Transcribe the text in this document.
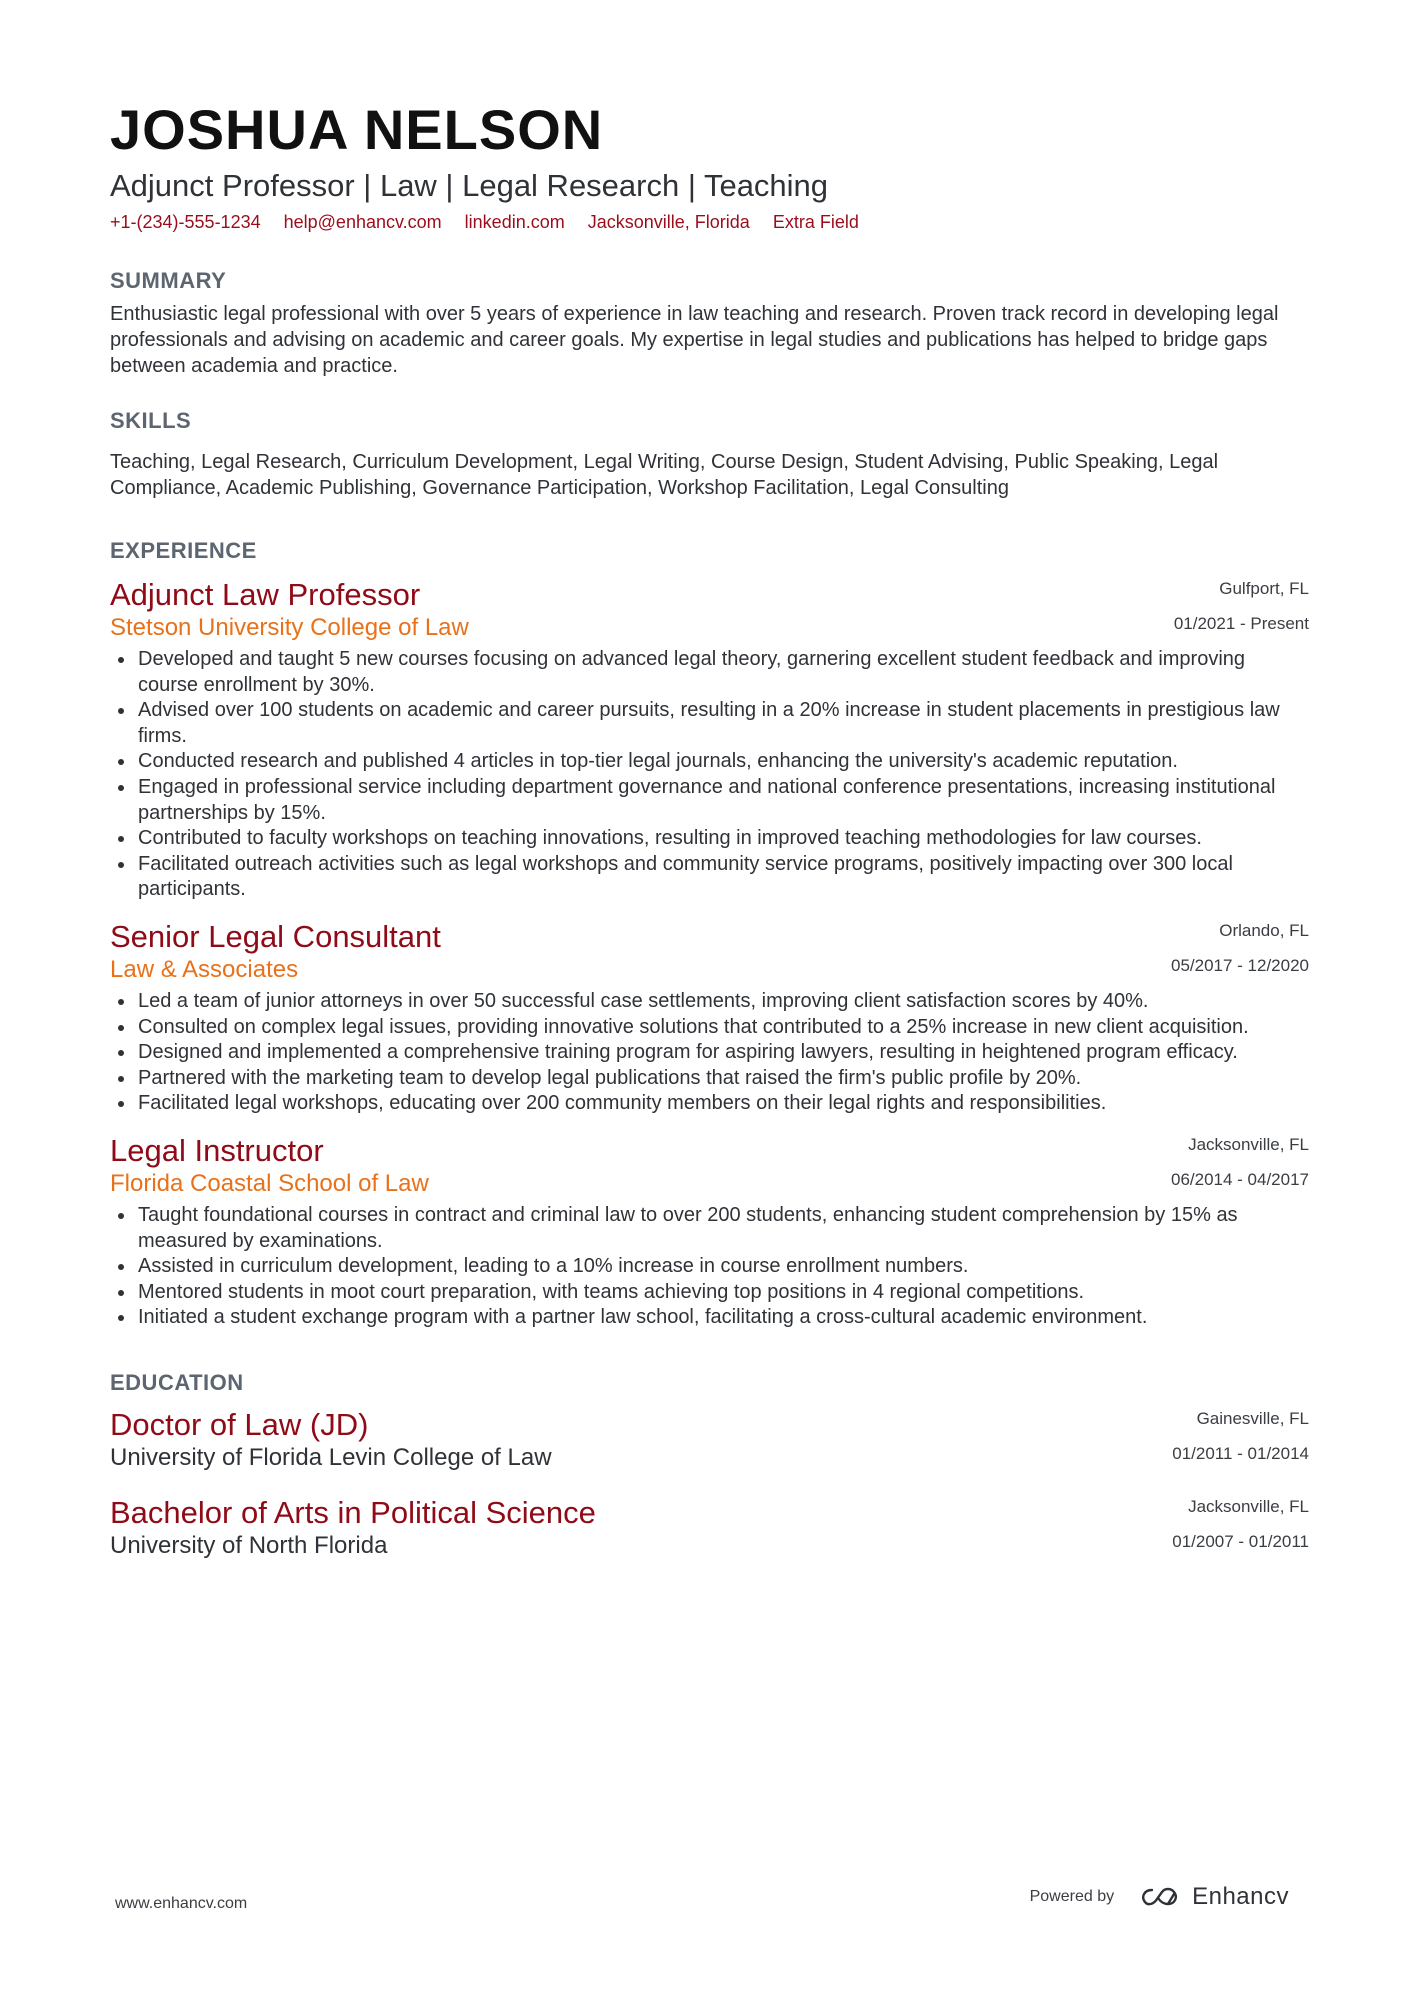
JOSHUA NELSON
Adjunct Professor | Law | Legal Research | Teaching
+1-(234)-555-1234 help@enhancv.com linkedin.com Jacksonville, Florida Extra Field
SUMMARY
Enthusiastic legal professional with over 5 years of experience in law teaching and research. Proven track record in developing legal professionals and advising on academic and career goals. My expertise in legal studies and publications has helped to bridge gaps between academia and practice.
SKILLS
Teaching, Legal Research, Curriculum Development, Legal Writing, Course Design, Student Advising, Public Speaking, Legal Compliance, Academic Publishing, Governance Participation, Workshop Facilitation, Legal Consulting
EXPERIENCE
Adjunct Law Professor
Stetson University College of Law
Gulfport, FL
01/2021 - Present
Developed and taught 5 new courses focusing on advanced legal theory, garnering excellent student feedback and improving course enrollment by 30%.
Advised over 100 students on academic and career pursuits, resulting in a 20% increase in student placements in prestigious law firms.
Conducted research and published 4 articles in top-tier legal journals, enhancing the university's academic reputation.
Engaged in professional service including department governance and national conference presentations, increasing institutional partnerships by 15%.
Contributed to faculty workshops on teaching innovations, resulting in improved teaching methodologies for law courses.
Facilitated outreach activities such as legal workshops and community service programs, positively impacting over 300 local participants.
Senior Legal Consultant
Law & Associates
Orlando, FL
05/2017 - 12/2020
Led a team of junior attorneys in over 50 successful case settlements, improving client satisfaction scores by 40%.
Consulted on complex legal issues, providing innovative solutions that contributed to a 25% increase in new client acquisition.
Designed and implemented a comprehensive training program for aspiring lawyers, resulting in heightened program efficacy.
Partnered with the marketing team to develop legal publications that raised the firm's public profile by 20%.
Facilitated legal workshops, educating over 200 community members on their legal rights and responsibilities.
Legal Instructor
Florida Coastal School of Law
Jacksonville, FL
06/2014 - 04/2017
Taught foundational courses in contract and criminal law to over 200 students, enhancing student comprehension by 15% as measured by examinations.
Assisted in curriculum development, leading to a 10% increase in course enrollment numbers.
Mentored students in moot court preparation, with teams achieving top positions in 4 regional competitions.
Initiated a student exchange program with a partner law school, facilitating a cross-cultural academic environment.
EDUCATION
Doctor of Law (JD)
University of Florida Levin College of Law
Gainesville, FL
01/2011 - 01/2014
Bachelor of Arts in Political Science
University of North Florida
Jacksonville, FL
01/2007 - 01/2011
www.enhancv.com	Powered by	Enhancv
